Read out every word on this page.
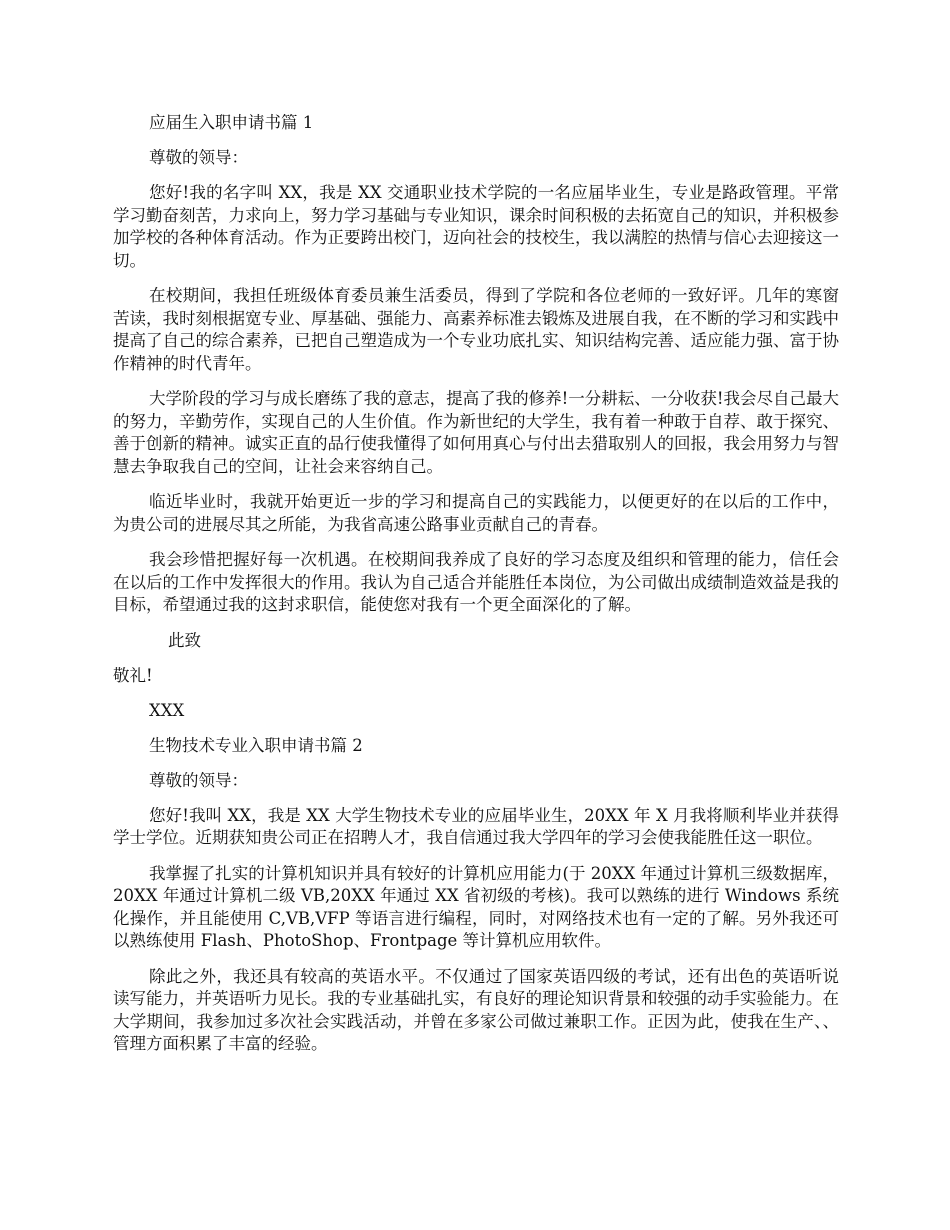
应届生入职申请书篇 1

尊敬的领导：

您好!我的名字叫 XX，我是 XX 交通职业技术学院的一名应届毕业生，专业是路政管理。平常学习勤奋刻苦，力求向上，努力学习基础与专业知识，课余时间积极的去拓宽自己的知识，并积极参加学校的各种体育活动。作为正要跨出校门，迈向社会的技校生，我以满腔的热情与信心去迎接这一切。

在校期间，我担任班级体育委员兼生活委员，得到了学院和各位老师的一致好评。几年的寒窗苦读，我时刻根据宽专业、厚基础、强能力、高素养标准去锻炼及进展自我，在不断的学习和实践中提高了自己的综合素养，已把自己塑造成为一个专业功底扎实、知识结构完善、适应能力强、富于协作精神的时代青年。

大学阶段的学习与成长磨练了我的意志，提高了我的修养!一分耕耘、一分收获!我会尽自己最大的努力，辛勤劳作，实现自己的人生价值。作为新世纪的大学生，我有着一种敢于自荐、敢于探究、善于创新的精神。诚实正直的品行使我懂得了如何用真心与付出去猎取别人的回报，我会用努力与智慧去争取我自己的空间，让社会来容纳自己。

临近毕业时，我就开始更近一步的学习和提高自己的实践能力，以便更好的在以后的工作中，为贵公司的进展尽其之所能，为我省高速公路事业贡献自己的青春。

我会珍惜把握好每一次机遇。在校期间我养成了良好的学习态度及组织和管理的能力，信任会在以后的工作中发挥很大的作用。我认为自己适合并能胜任本岗位，为公司做出成绩制造效益是我的目标，希望通过我的这封求职信，能使您对我有一个更全面深化的了解。

此致

敬礼!

XXX

生物技术专业入职申请书篇 2

尊敬的领导：

您好!我叫 XX，我是 XX 大学生物技术专业的应届毕业生，20XX 年 X 月我将顺利毕业并获得学士学位。近期获知贵公司正在招聘人才，我自信通过我大学四年的学习会使我能胜任这一职位。

我掌握了扎实的计算机知识并具有较好的计算机应用能力(于 20XX 年通过计算机三级数据库，20XX 年通过计算机二级 VB,20XX 年通过 XX 省初级的考核)。我可以熟练的进行 Windows 系统化操作，并且能使用 C,VB,VFP 等语言进行编程，同时，对网络技术也有一定的了解。另外我还可以熟练使用 Flash、PhotoShop、Frontpage 等计算机应用软件。

除此之外，我还具有较高的英语水平。不仅通过了国家英语四级的考试，还有出色的英语听说读写能力，并英语听力见长。我的专业基础扎实，有良好的理论知识背景和较强的动手实验能力。在大学期间，我参加过多次社会实践活动，并曾在多家公司做过兼职工作。正因为此，使我在生产、、管理方面积累了丰富的经验。
